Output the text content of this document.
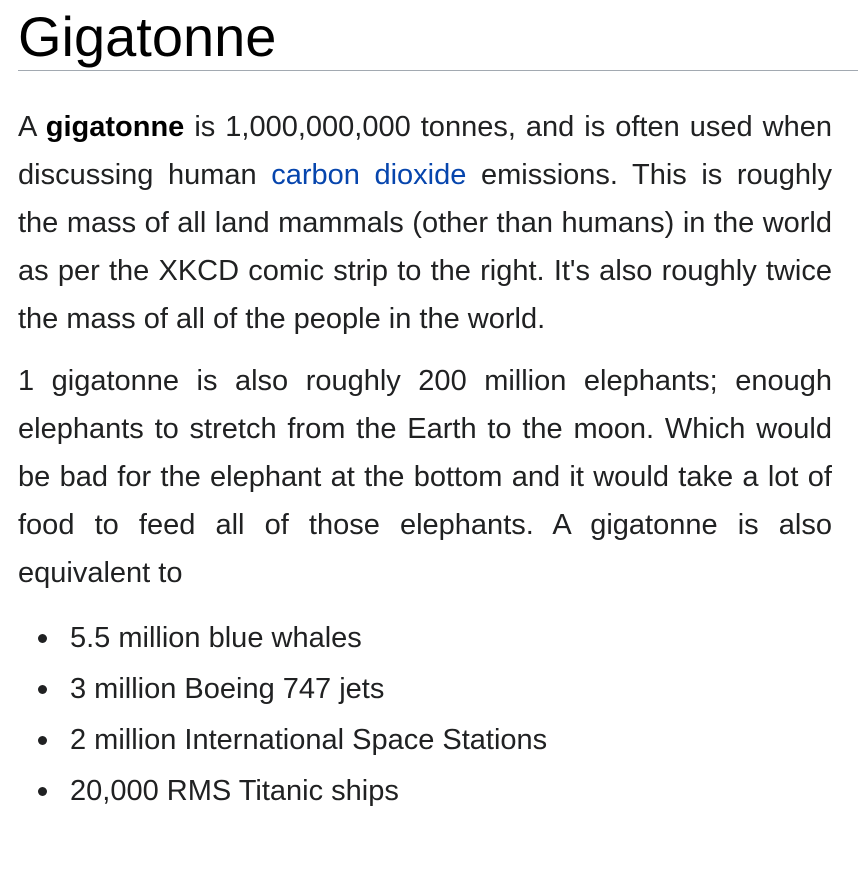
Gigatonne

A gigatonne is 1,000,000,000 tonnes, and is often used when discussing human carbon dioxide emissions. This is roughly the mass of all land mammals (other than humans) in the world as per the XKCD comic strip to the right. It's also roughly twice the mass of all of the people in the world.

1 gigatonne is also roughly 200 million elephants; enough elephants to stretch from the Earth to the moon. Which would be bad for the elephant at the bottom and it would take a lot of food to feed all of those elephants. A gigatonne is also equivalent to

5.5 million blue whales
3 million Boeing 747 jets
2 million International Space Stations
20,000 RMS Titanic ships
